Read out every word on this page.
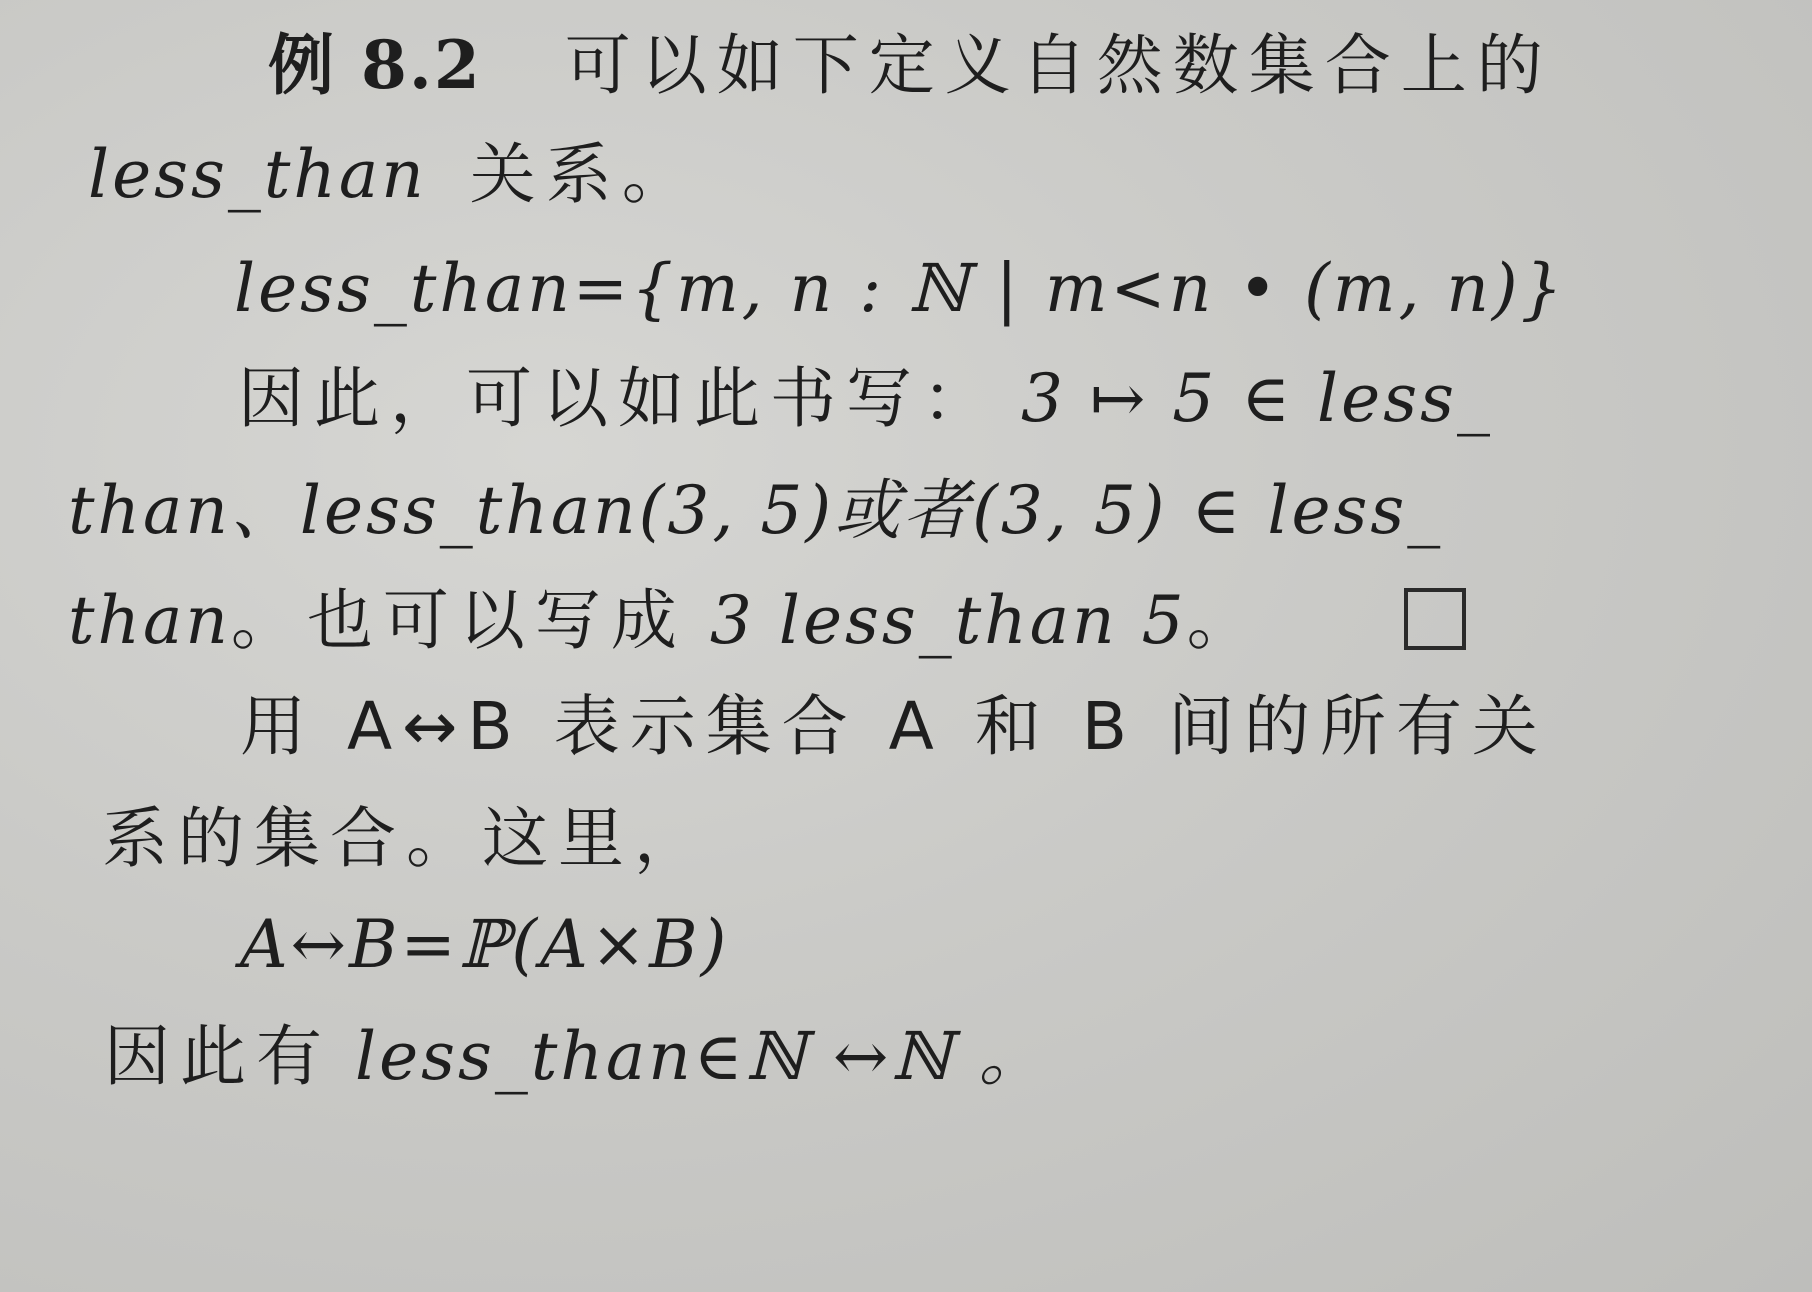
例 8.2 可以如下定义自然数集合上的
less_than 关系。
less_than={m, n : ℕ | m<n • (m, n)}
因此，可以如此书写： 3 ↦ 5 ∈ less_
than、less_than(3, 5)或者(3, 5) ∈ less_
than。也可以写成 3 less_than 5。
用 A↔B 表示集合 A 和 B 间的所有关
系的集合。这里，
A↔B=ℙ(A×B)
因此有 less_than∈ℕ ↔ℕ 。
